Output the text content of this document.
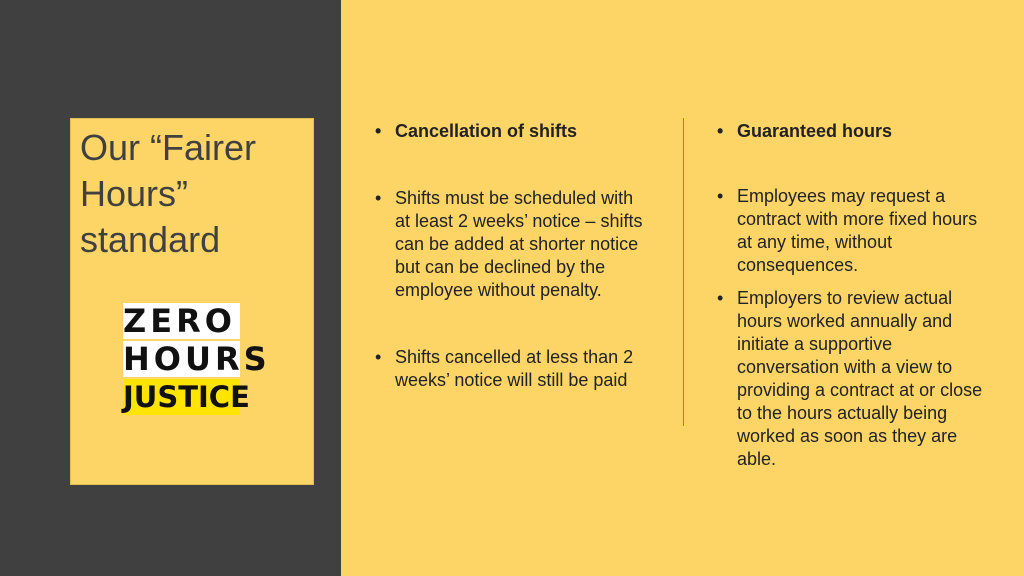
Our “Fairer Hours” standard
ZERO
HOURS
JUSTICE

• Cancellation of shifts

• Shifts must be scheduled with at least 2 weeks’ notice – shifts can be added at shorter notice but can be declined by the employee without penalty.

• Shifts cancelled at less than 2 weeks’ notice will still be paid

• Guaranteed hours

• Employees may request a contract with more fixed hours at any time, without consequences.

• Employers to review actual hours worked annually and initiate a supportive conversation with a view to providing a contract at or close to the hours actually being worked as soon as they are able.
